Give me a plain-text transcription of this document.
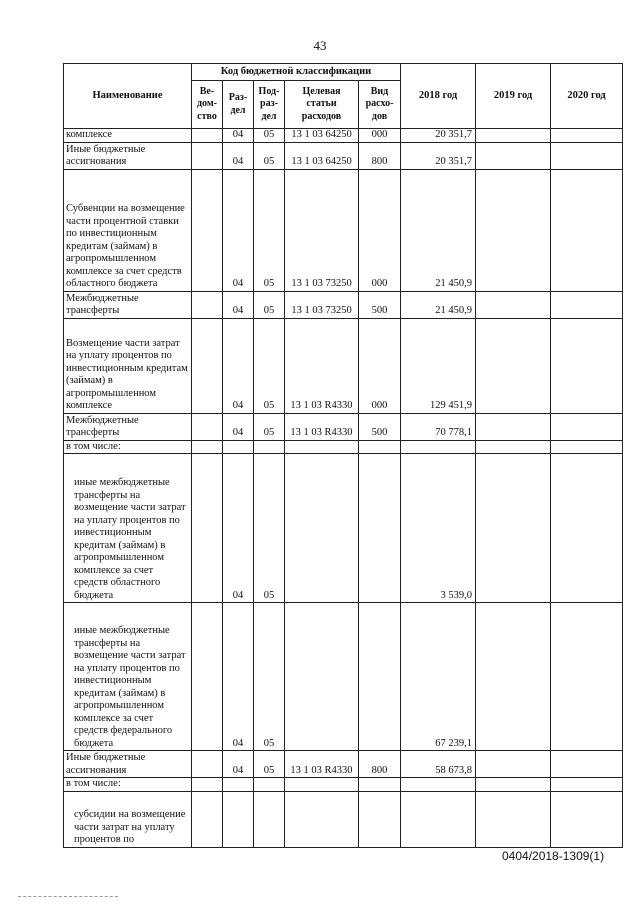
43
Наименование	Код бюджетной классификации					2018 год	2019 год	2020 год
	Ве-дом-ство	Раз-дел	Под-раз-дел	Целевая статьи расходов	Вид расхо-дов			
комплексе		04	05	13 1 03 64250	000	20 351,7		
Иные бюджетные ассигнования		04	05	13 1 03 64250	800	20 351,7		
Субвенции на возмещение части процентной ставки по инвестиционным кредитам (займам) в агропромышленном комплексе за счет средств областного бюджета		04	05	13 1 03 73250	000	21 450,9		
Межбюджетные трансферты		04	05	13 1 03 73250	500	21 450,9		
Возмещение части затрат на уплату процентов по инвестиционным кредитам (займам) в агропромышленном комплексе		04	05	13 1 03 R4330	000	129 451,9		
Межбюджетные трансферты		04	05	13 1 03 R4330	500	70 778,1		
в том числе:								
иные межбюджетные трансферты на возмещение части затрат на уплату процентов по инвестиционным кредитам (займам) в агропромышленном комплексе за счет средств областного бюджета		04	05			3 539,0		
иные межбюджетные трансферты на возмещение части затрат на уплату процентов по инвестиционным кредитам (займам) в агропромышленном комплексе за счет средств федерального бюджета		04	05			67 239,1		
Иные бюджетные ассигнования		04	05	13 1 03 R4330	800	58 673,8		
в том числе:								
субсидии на возмещение части затрат на уплату процентов по								
0404/2018-1309(1)
